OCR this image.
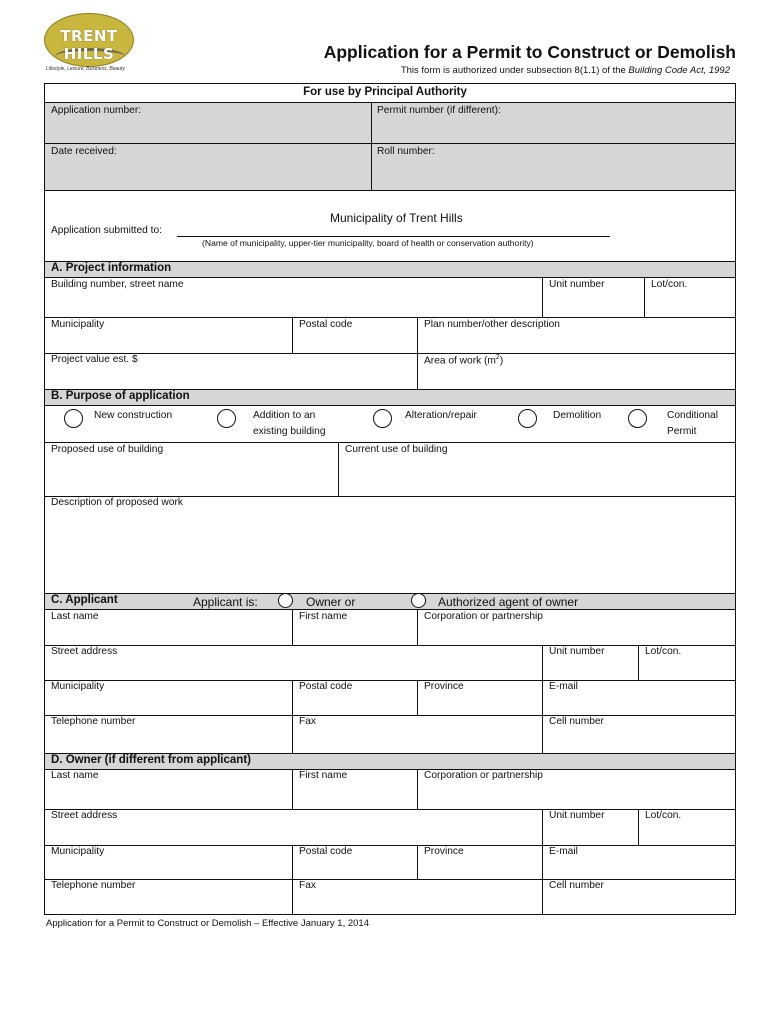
TRENT HILLS
Lifestyle, Leisure, Business, Beauty
Application for a Permit to Construct or Demolish
This form is authorized under subsection 8(1.1) of the Building Code Act, 1992
For use by Principal Authority
Application number:	Permit number (if different):
Date received:	Roll number:
Application submitted to:
Municipality of Trent Hills
(Name of municipality, upper-tier municipality, board of health or conservation authority)
A. Project information
Building number, street name	Unit number	Lot/con.
Municipality	Postal code	Plan number/other description
Project value est. $	Area of work $(m^2)$
B. Purpose of application
New construction	Addition to an
existing building
Alteration/repair	Demolition	Conditional
Permit
Proposed use of building	Current use of building
Description of proposed work
C. Applicant	Applicant is:	Owner or	Authorized agent of owner
Last name	First name	Corporation or partnership
Street address	Unit number	Lot/con.
Municipality	Postal code	Province	E-mail
Telephone number	Fax	Cell number
D. Owner (if different from applicant)
Last name	First name	Corporation or partnership
Street address	Unit number	Lot/con.
Municipality	Postal code	Province	E-mail
Telephone number	Fax	Cell number
Application for a Permit to Construct or Demolish – Effective January 1, 2014
